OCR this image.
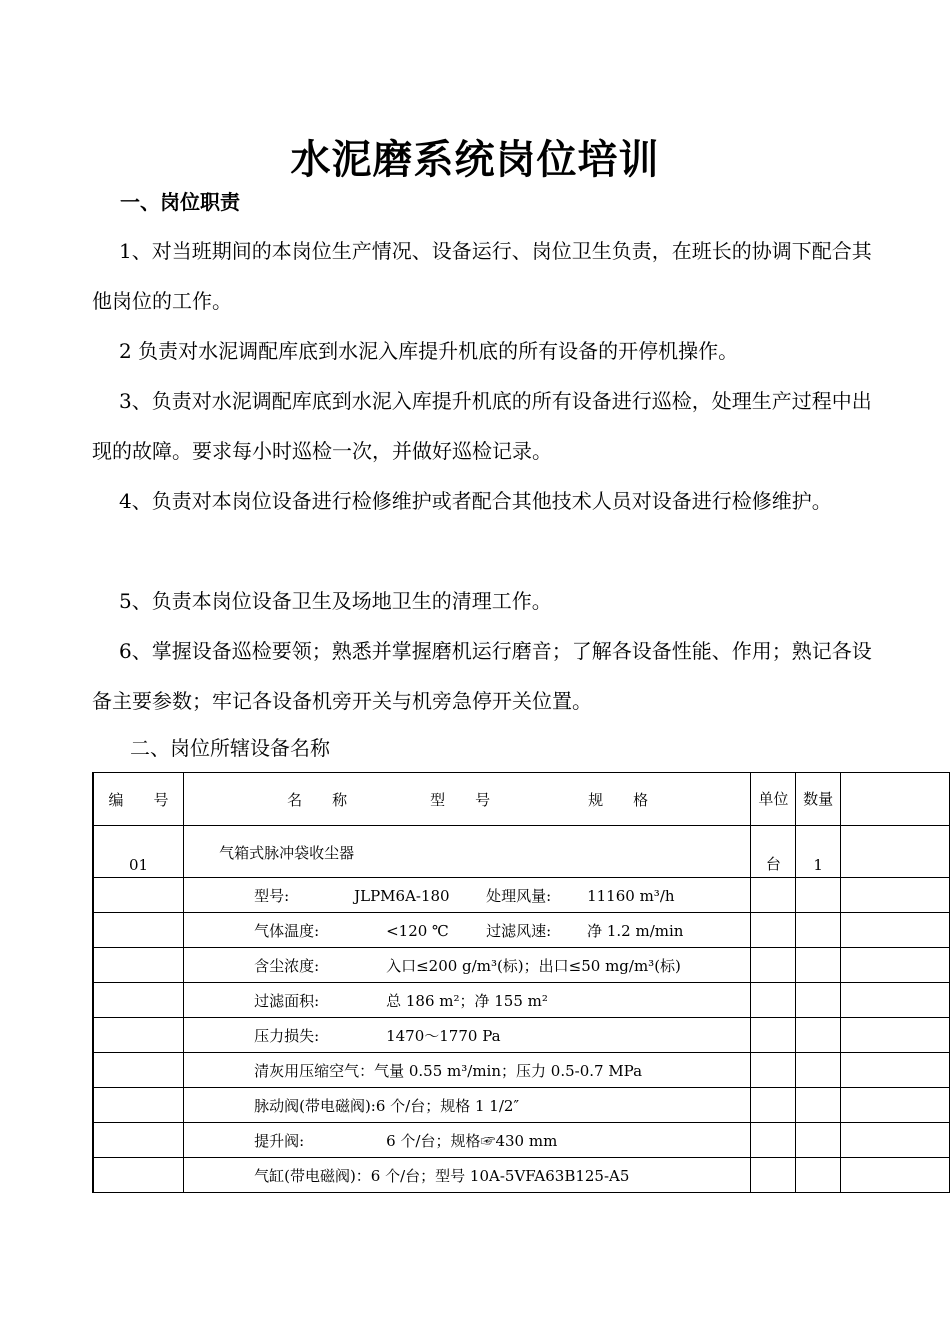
水泥磨系统岗位培训
一、岗位职责
1、对当班期间的本岗位生产情况、设备运行、岗位卫生负责，在班长的协调下配合其他岗位的工作。
2 负责对水泥调配库底到水泥入库提升机底的所有设备的开停机操作。
3、负责对水泥调配库底到水泥入库提升机底的所有设备进行巡检，处理生产过程中出现的故障。要求每小时巡检一次，并做好巡检记录。
4、负责对本岗位设备进行检修维护或者配合其他技术人员对设备进行检修维护。
5、负责本岗位设备卫生及场地卫生的清理工作。
6、掌握设备巡检要领；熟悉并掌握磨机运行磨音；了解各设备性能、作用；熟记各设备主要参数；牢记各设备机旁开关与机旁急停开关位置。
二、岗位所辖设备名称
编　　号	名　　称 型　　号 规　　格	单位	数量	
01	气箱式脉冲袋收尘器	台	1	
	型号: JLPM6A-180 处理风量: 11160 m³/h			
	气体温度: <120 ℃ 过滤风速: 净 1.2 m/min			
	含尘浓度: 入口≤200 g/m³(标)；出口≤50 mg/m³(标)			
	过滤面积: 总 186 m²；净 155 m²			
	压力损失: 1470～1770 Pa			
	清灰用压缩空气：气量 0.55 m³/min；压力 0.5-0.7 MPa			
	脉动阀(带电磁阀):6 个/台；规格 1 1/2″			
	提升阀: 6 个/台；规格☞430 mm			
	气缸(带电磁阀)：6 个/台；型号 10A-5VFA63B125-A5			
